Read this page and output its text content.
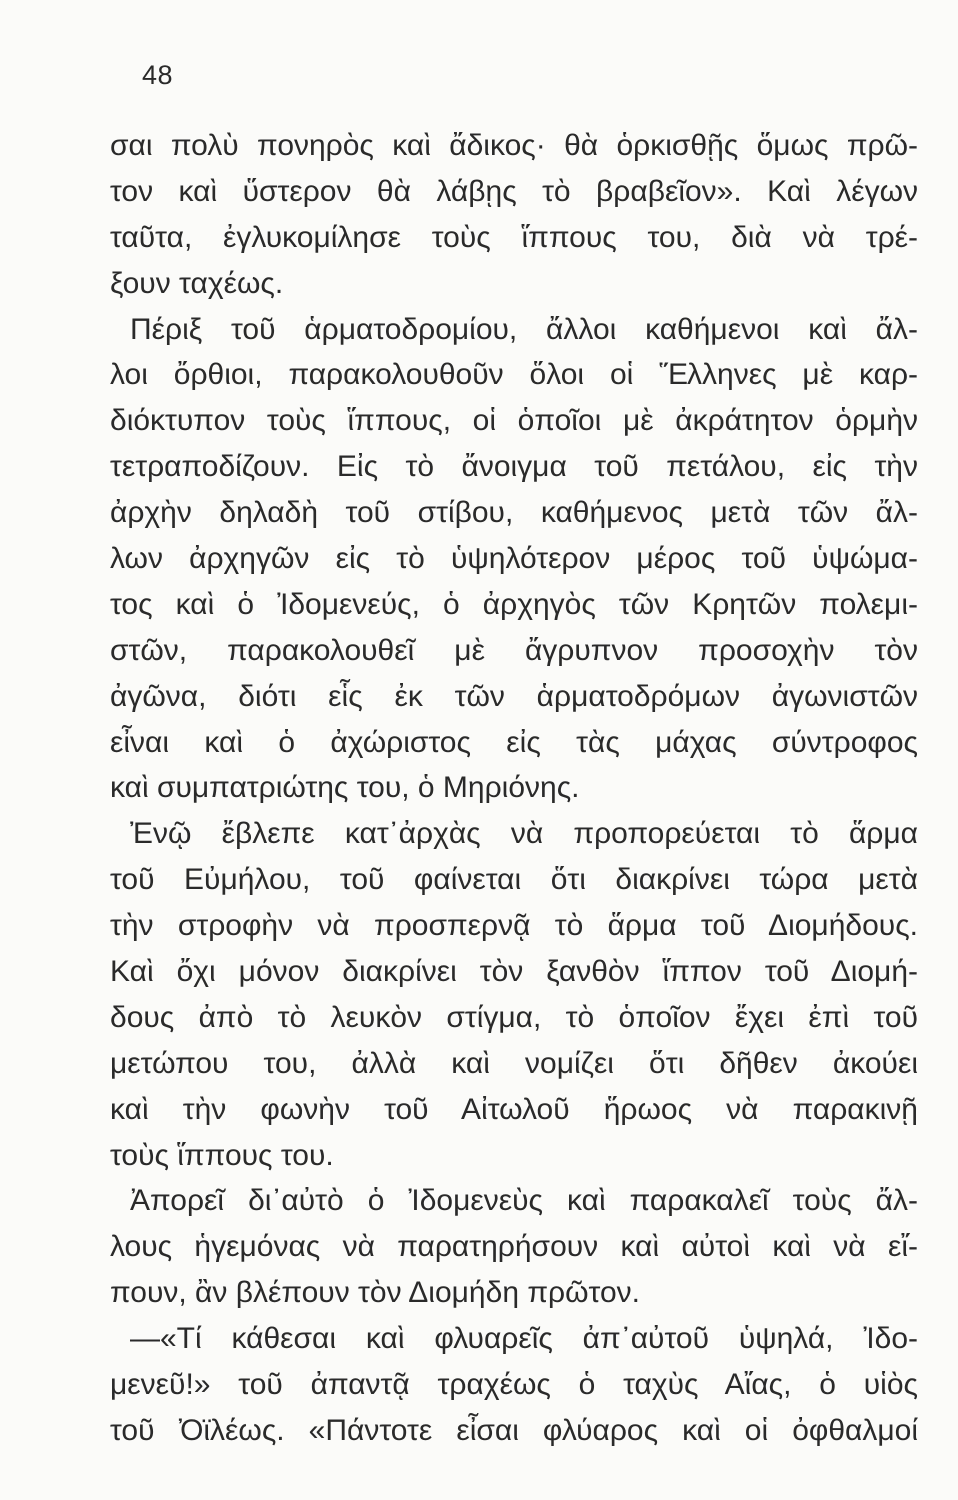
48
σαι πολὺ πονηρὸς καὶ ἄδικος· θὰ ὁρκισθῇς ὅμως πρῶ-
τον καὶ ὕστερον θὰ λάβῃς τὸ βραβεῖον». Καὶ λέγων
ταῦτα, ἐγλυκομίλησε τοὺς ἵππους του, διὰ νὰ τρέ-
ξουν ταχέως.
Πέριξ τοῦ ἁρματοδρομίου, ἄλλοι καθήμενοι καὶ ἄλ-
λοι ὄρθιοι, παρακολουθοῦν ὅλοι οἱ Ἕλληνες μὲ καρ-
διόκτυπον τοὺς ἵππους, οἱ ὁποῖοι μὲ ἀκράτητον ὁρμὴν
τετραποδίζουν. Εἰς τὸ ἄνοιγμα τοῦ πετάλου, εἰς τὴν
ἀρχὴν δηλαδὴ τοῦ στίβου, καθήμενος μετὰ τῶν ἄλ-
λων ἀρχηγῶν εἰς τὸ ὑψηλότερον μέρος τοῦ ὑψώμα-
τος καὶ ὁ Ἰδομενεύς, ὁ ἀρχηγὸς τῶν Κρητῶν πολεμι-
στῶν, παρακολουθεῖ μὲ ἄγρυπνον προσοχὴν τὸν
ἀγῶνα, διότι εἷς ἐκ τῶν ἁρματοδρόμων ἀγωνιστῶν
εἶναι καὶ ὁ ἀχώριστος εἰς τὰς μάχας σύντροφος
καὶ συμπατριώτης του, ὁ Μηριόνης.
Ἐνῷ ἔβλεπε κατ᾽ἀρχὰς νὰ προπορεύεται τὸ ἅρμα
τοῦ Εὐμήλου, τοῦ φαίνεται ὅτι διακρίνει τώρα μετὰ
τὴν στροφὴν νὰ προσπερνᾷ τὸ ἅρμα τοῦ Διομήδους.
Καὶ ὄχι μόνον διακρίνει τὸν ξανθὸν ἵππον τοῦ Διομή-
δους ἀπὸ τὸ λευκὸν στίγμα, τὸ ὁποῖον ἔχει ἐπὶ τοῦ
μετώπου του, ἀλλὰ καὶ νομίζει ὅτι δῆθεν ἀκούει
καὶ τὴν φωνὴν τοῦ Αἰτωλοῦ ἥρωος νὰ παρακινῇ
τοὺς ἵππους του.
Ἀπορεῖ δι᾽αὐτὸ ὁ Ἰδομενεὺς καὶ παρακαλεῖ τοὺς ἄλ-
λους ἡγεμόνας νὰ παρατηρήσουν καὶ αὐτοὶ καὶ νὰ εἴ-
πουν, ἂν βλέπουν τὸν Διομήδη πρῶτον.
—«Τί κάθεσαι καὶ φλυαρεῖς ἀπ᾽αὐτοῦ ὑψηλά, Ἰδο-
μενεῦ!» τοῦ ἀπαντᾷ τραχέως ὁ ταχὺς Αἴας, ὁ υἱὸς
τοῦ Ὀϊλέως. «Πάντοτε εἶσαι φλύαρος καὶ οἱ ὀφθαλμοί
